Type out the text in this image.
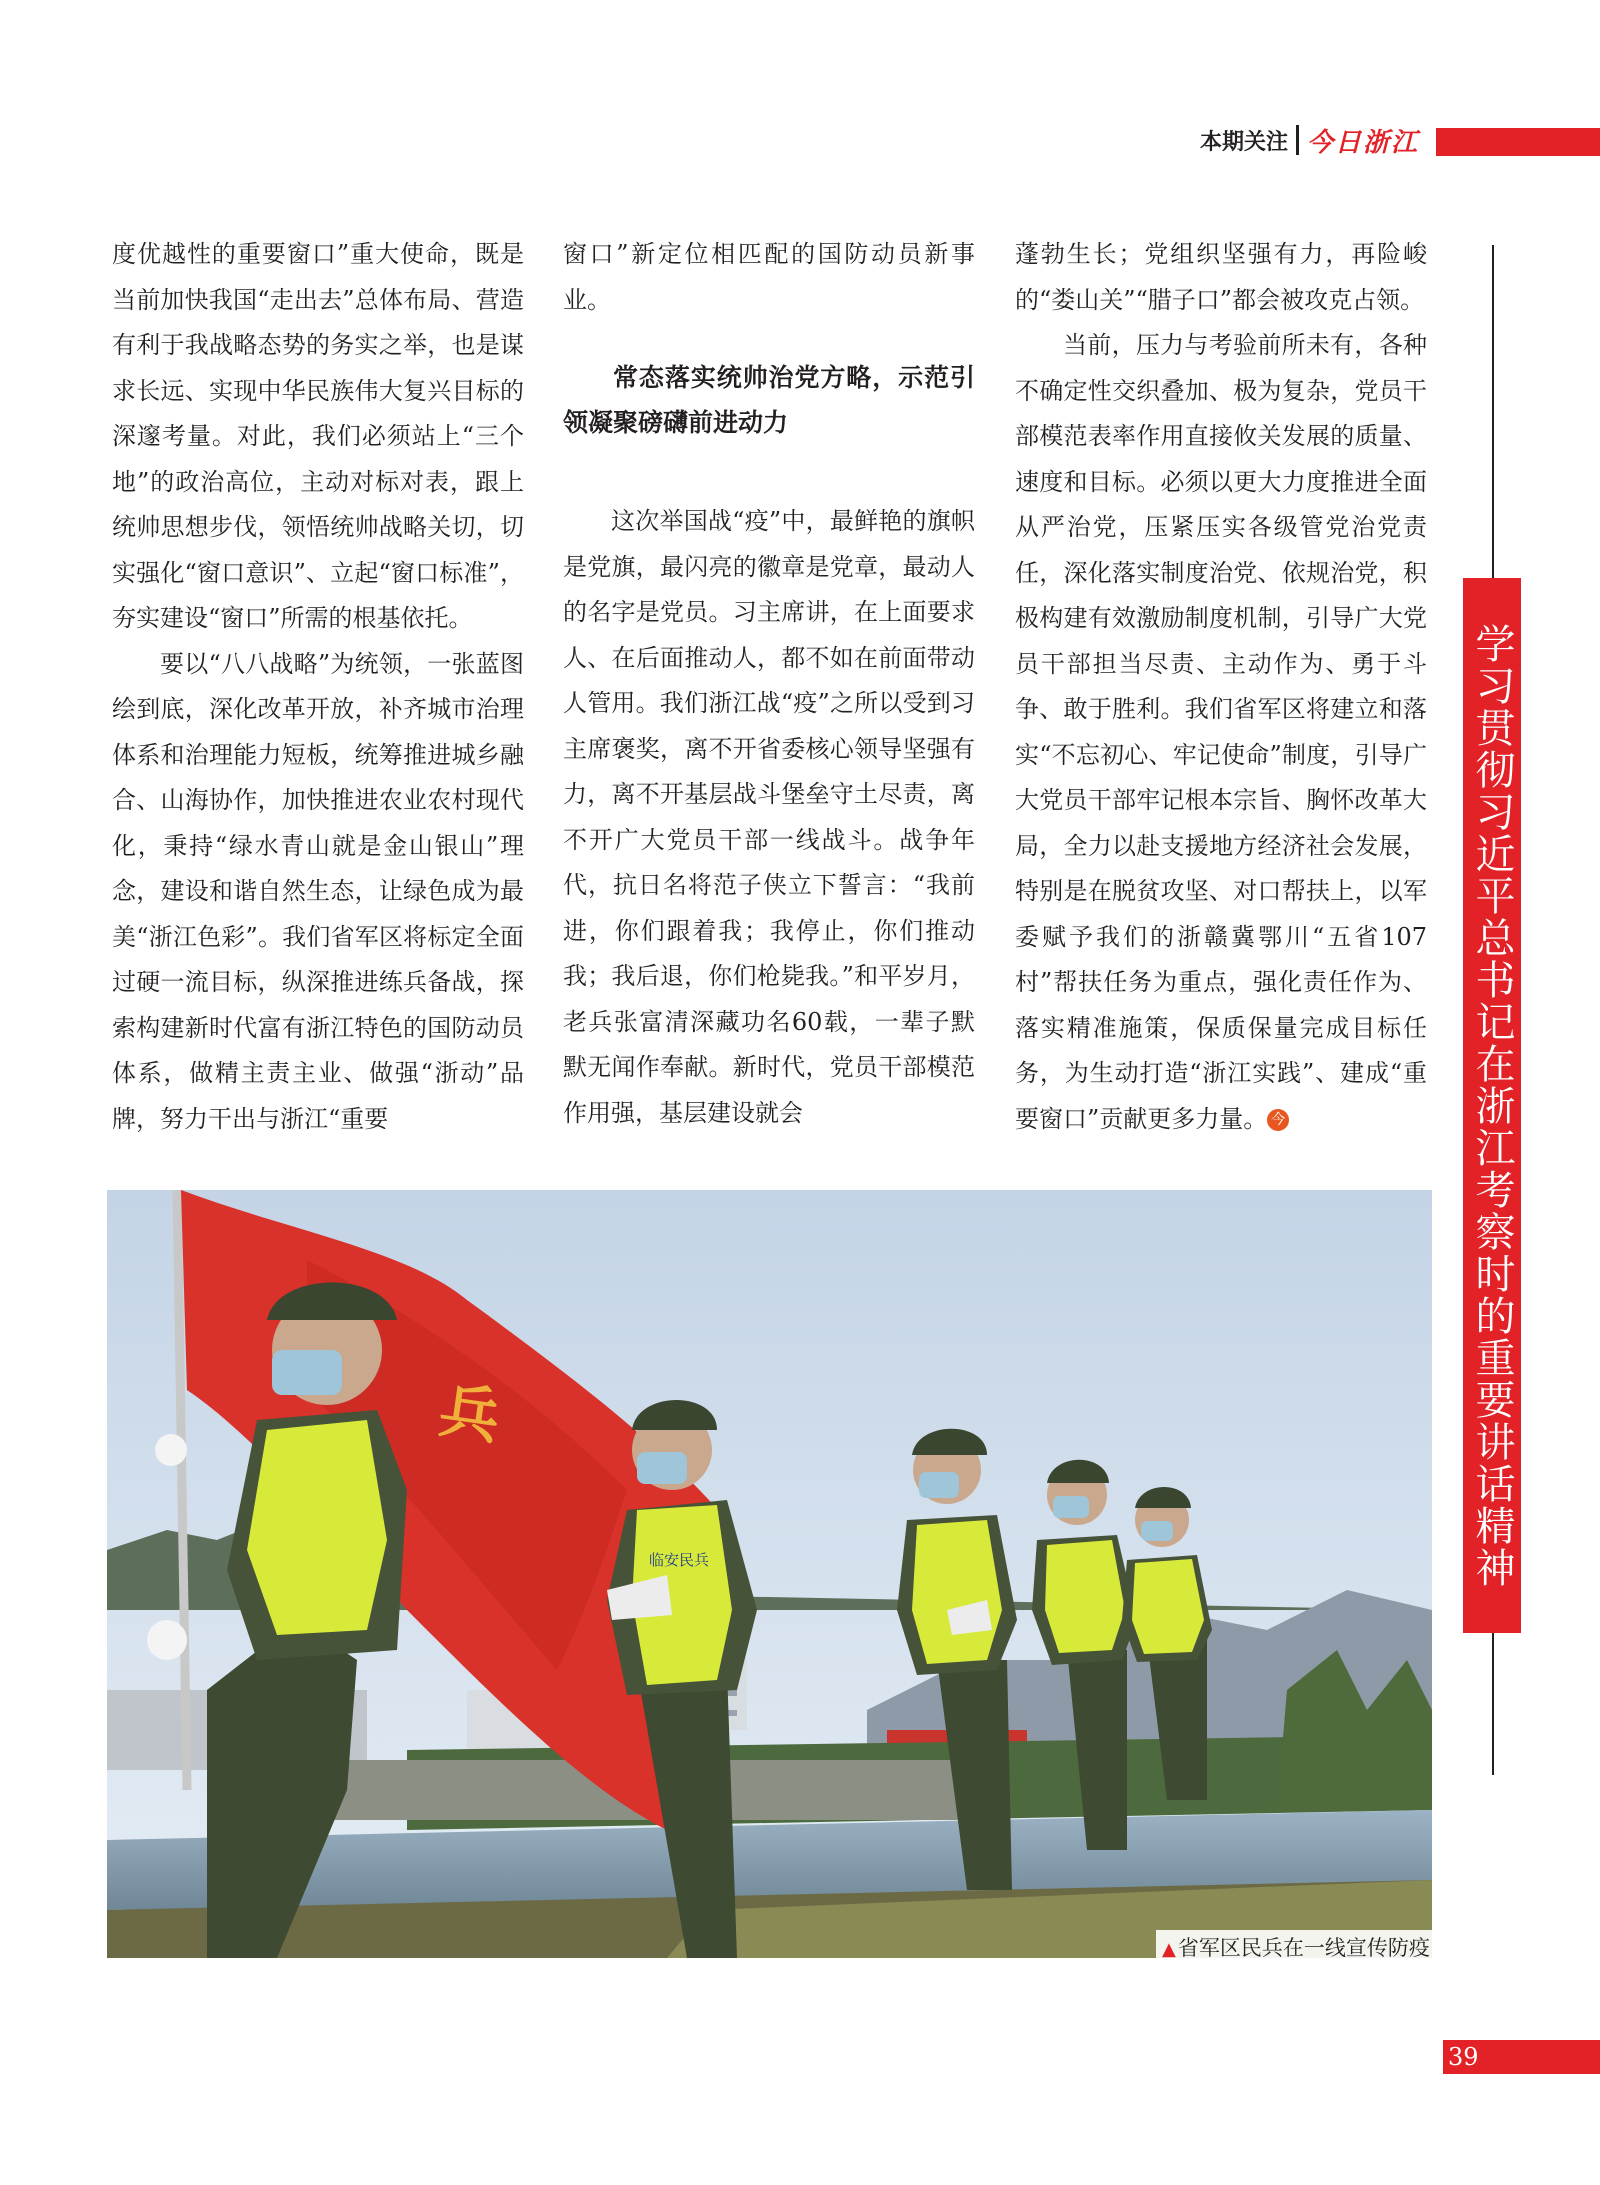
本期关注 今日浙江

度优越性的重要窗口”重大使命，既是当前加快我国“走出去”总体布局、营造有利于我战略态势的务实之举，也是谋求长远、实现中华民族伟大复兴目标的深邃考量。对此，我们必须站上“三个地”的政治高位，主动对标对表，跟上统帅思想步伐，领悟统帅战略关切，切实强化“窗口意识”、立起“窗口标准”，夯实建设“窗口”所需的根基依托。

要以“八八战略”为统领，一张蓝图绘到底，深化改革开放，补齐城市治理体系和治理能力短板，统筹推进城乡融合、山海协作，加快推进农业农村现代化，秉持“绿水青山就是金山银山”理念，建设和谐自然生态，让绿色成为最美“浙江色彩”。我们省军区将标定全面过硬一流目标，纵深推进练兵备战，探索构建新时代富有浙江特色的国防动员体系，做精主责主业、做强“浙动”品牌，努力干出与浙江“重要

窗口”新定位相匹配的国防动员新事业。

常态落实统帅治党方略，示范引领凝聚磅礴前进动力

这次举国战“疫”中，最鲜艳的旗帜是党旗，最闪亮的徽章是党章，最动人的名字是党员。习主席讲，在上面要求人、在后面推动人，都不如在前面带动人管用。我们浙江战“疫”之所以受到习主席褒奖，离不开省委核心领导坚强有力，离不开基层战斗堡垒守土尽责，离不开广大党员干部一线战斗。战争年代，抗日名将范子侠立下誓言：“我前进，你们跟着我；我停止，你们推动我；我后退，你们枪毙我。”和平岁月，老兵张富清深藏功名60载，一辈子默默无闻作奉献。新时代，党员干部模范作用强，基层建设就会

蓬勃生长；党组织坚强有力，再险峻的“娄山关”“腊子口”都会被攻克占领。

当前，压力与考验前所未有，各种不确定性交织叠加、极为复杂，党员干部模范表率作用直接攸关发展的质量、速度和目标。必须以更大力度推进全面从严治党，压紧压实各级管党治党责任，深化落实制度治党、依规治党，积极构建有效激励制度机制，引导广大党员干部担当尽责、主动作为、勇于斗争、敢于胜利。我们省军区将建立和落实“不忘初心、牢记使命”制度，引导广大党员干部牢记根本宗旨、胸怀改革大局，全力以赴支援地方经济社会发展，特别是在脱贫攻坚、对口帮扶上，以军委赋予我们的浙赣冀鄂川“五省107村”帮扶任务为重点，强化责任作为、落实精准施策，保质保量完成目标任务，为生动打造“浙江实践”、建成“重要窗口”贡献更多力量。 今	学习贯彻习近平总书记在浙江考察时的重要讲话精神
兵
临安民兵
▲省军区民兵在一线宣传防疫
39
